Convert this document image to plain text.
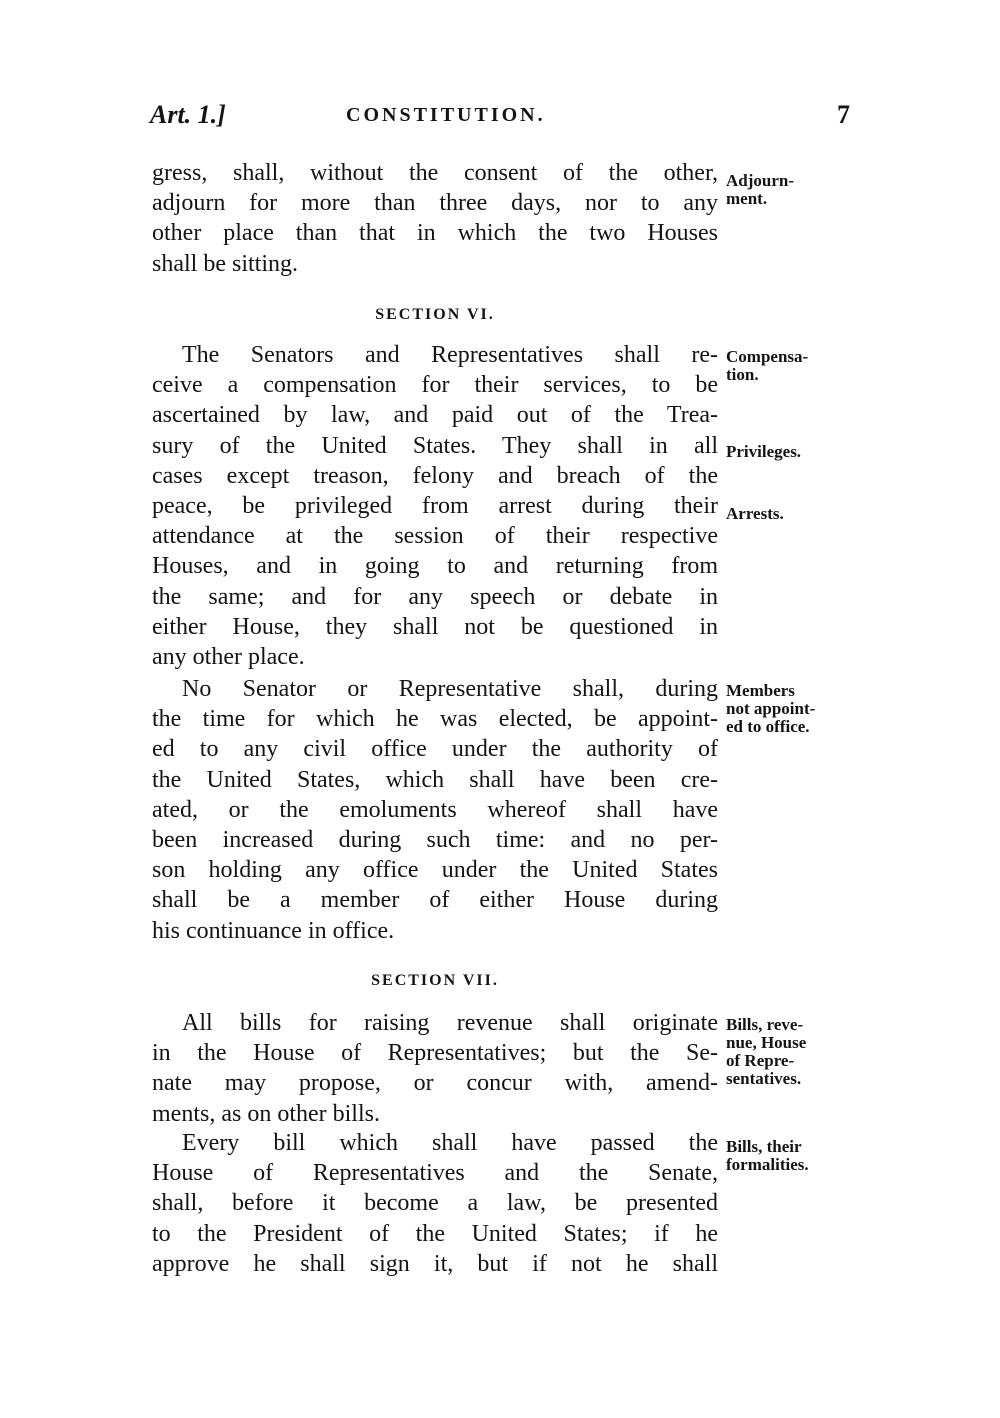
Art. 1.]	CONSTITUTION.	7
gress, shall, without the consent of the other,
adjourn for more than three days, nor to any
other place than that in which the two Houses
shall be sitting.
SECTION VI.
The Senators and Representatives shall re-
ceive a compensation for their services, to be
ascertained by law, and paid out of the Trea-
sury of the United States. They shall in all
cases except treason, felony and breach of the
peace, be privileged from arrest during their
attendance at the session of their respective
Houses, and in going to and returning from
the same; and for any speech or debate in
either House, they shall not be questioned in
any other place.
No Senator or Representative shall, during
the time for which he was elected, be appoint-
ed to any civil office under the authority of
the United States, which shall have been cre-
ated, or the emoluments whereof shall have
been increased during such time: and no per-
son holding any office under the United States
shall be a member of either House during
his continuance in office.
SECTION VII.
All bills for raising revenue shall originate
in the House of Representatives; but the Se-
nate may propose, or concur with, amend-
ments, as on other bills.
Every bill which shall have passed the
House of Representatives and the Senate,
shall, before it become a law, be presented
to the President of the United States; if he
approve he shall sign it, but if not he shall
Adjourn-
ment.
Compensa-
tion.
Privileges.
Arrests.
Members
not appoint-
ed to office.
Bills, reve-
nue, House
of Repre-
sentatives.
Bills, their
formalities.
